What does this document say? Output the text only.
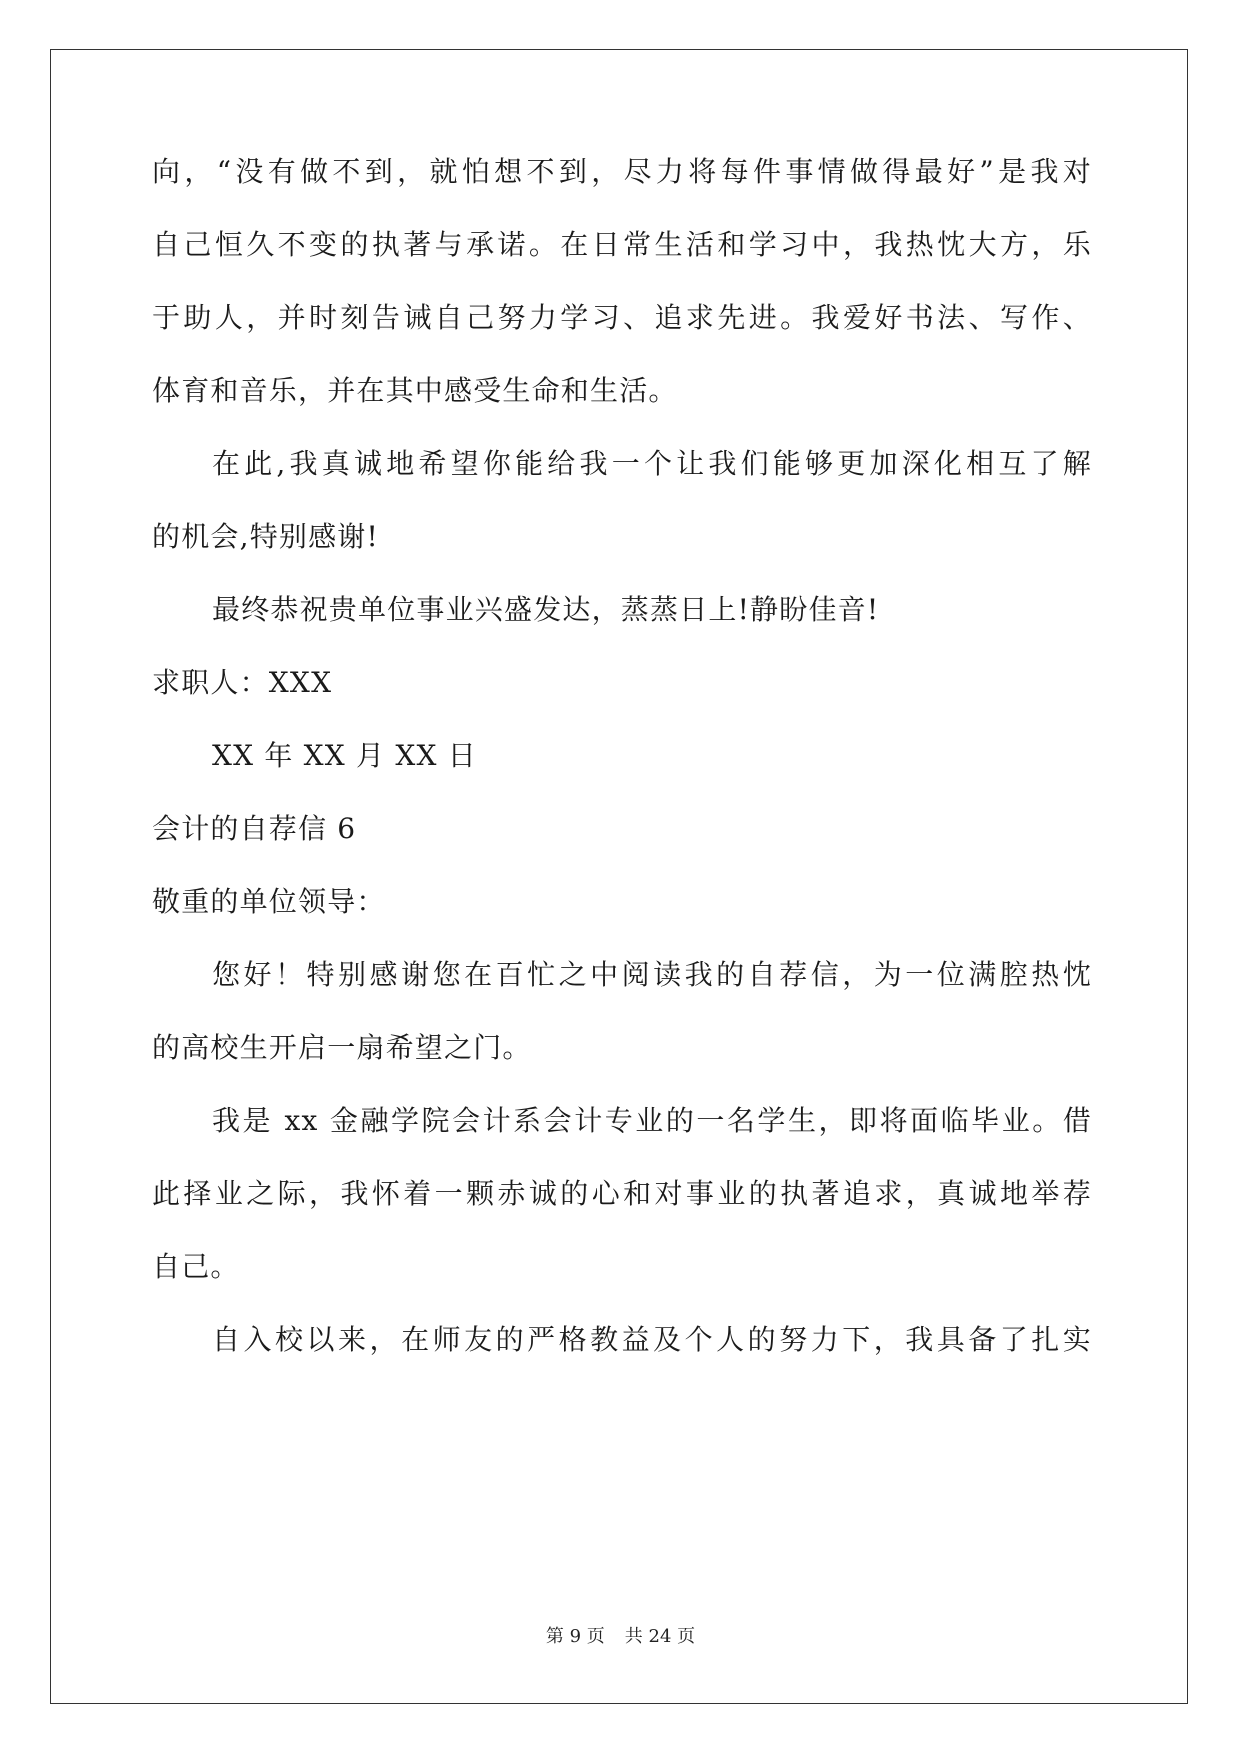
向，“没有做不到，就怕想不到，尽力将每件事情做得最好”是我对
自己恒久不变的执著与承诺。在日常生活和学习中，我热忱大方，乐
于助人，并时刻告诫自己努力学习、追求先进。我爱好书法、写作、
体育和音乐，并在其中感受生命和生活。
在此,我真诚地希望你能给我一个让我们能够更加深化相互了解
的机会,特别感谢!
最终恭祝贵单位事业兴盛发达，蒸蒸日上!静盼佳音!
求职人：XXX
XX 年 XX 月 XX 日
会计的自荐信 6
敬重的单位领导：
您好！特别感谢您在百忙之中阅读我的自荐信，为一位满腔热忱
的高校生开启一扇希望之门。
我是 xx 金融学院会计系会计专业的一名学生，即将面临毕业。借
此择业之际，我怀着一颗赤诚的心和对事业的执著追求，真诚地举荐
自己。
自入校以来，在师友的严格教益及个人的努力下，我具备了扎实
第 9 页 共 24 页
